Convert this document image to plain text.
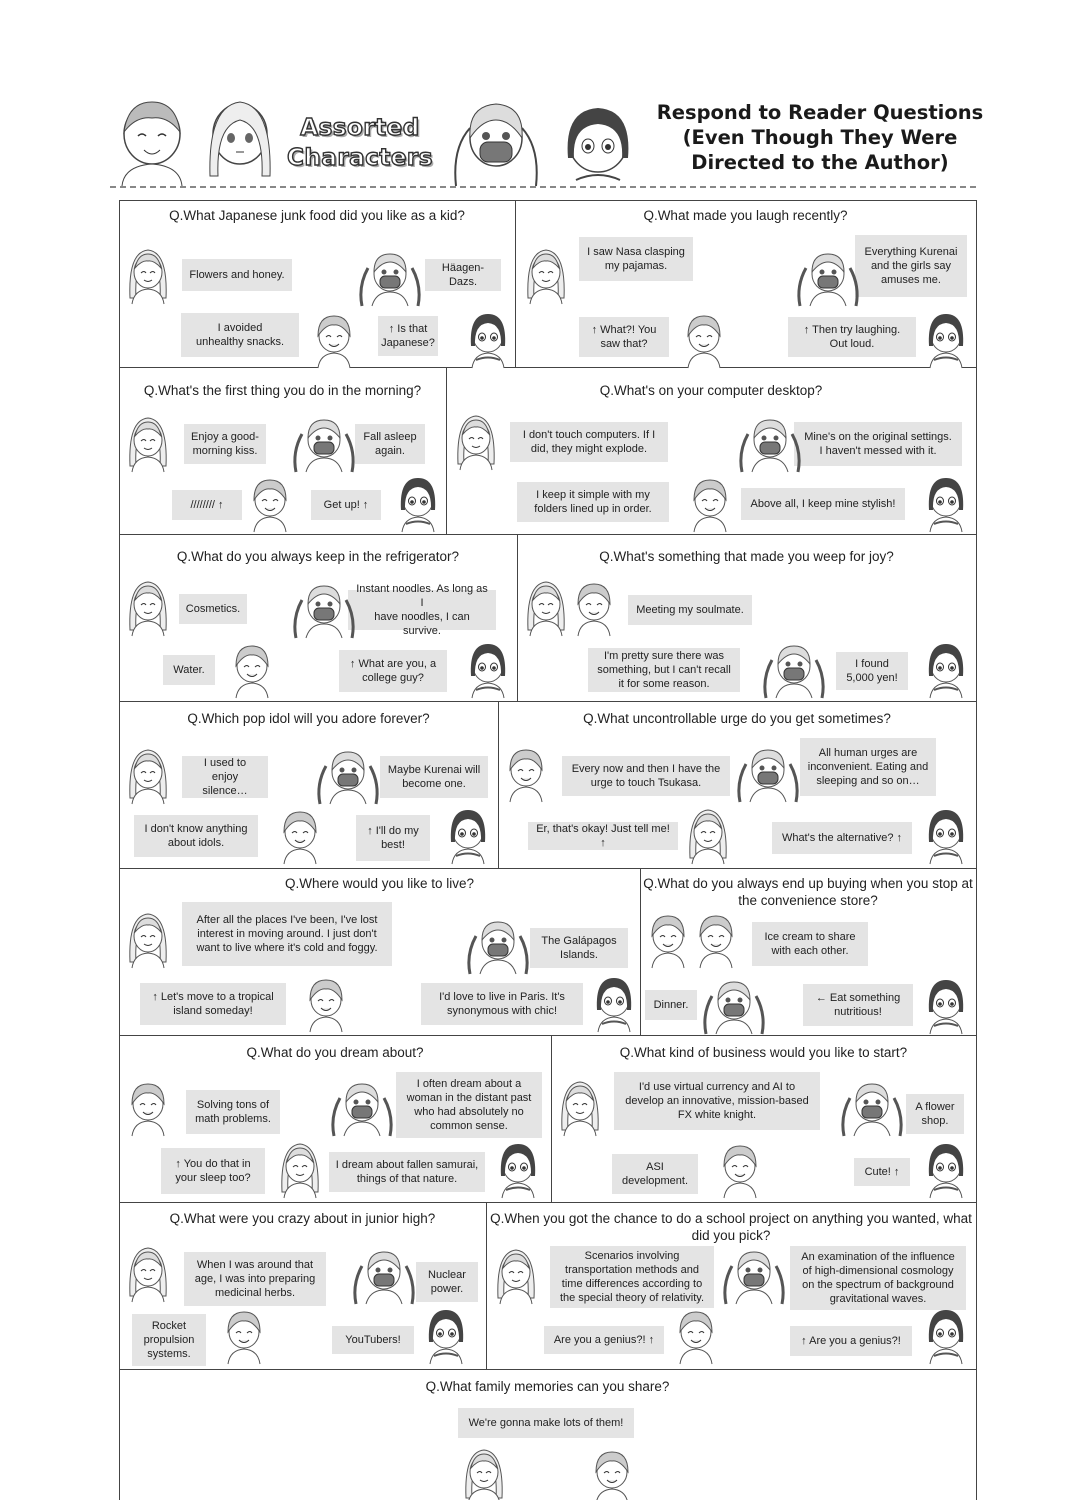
Assorted
Characters
Respond to Reader Questions
(Even Though They Were
Directed to the Author)
Q.What Japanese junk food did you like as a kid?
Flowers and honey.
Häagen-Dazs.
I avoided
unhealthy snacks.
↑ Is that
Japanese?
Q.What made you laugh recently?
I saw Nasa clasping
my pajamas.
Everything Kurenai
and the girls say
amuses me.
↑ What?! You
saw that?
↑ Then try laughing.
Out loud.
Q.What's the first thing you do in the morning?
Enjoy a good-
morning kiss.
Fall asleep
again.
//////// ↑	Get up! ↑
Q.What's on your computer desktop?
I don't touch computers. If I
did, they might explode.
Mine's on the original settings.
I haven't messed with it.
I keep it simple with my
folders lined up in order.	Above all, I keep mine stylish!
Q.What do you always keep in the refrigerator?
Cosmetics.
Instant noodles. As long as I
have noodles, I can survive.
Water.	↑ What are you, a
college guy?
Q.What's something that made you weep for joy?
Meeting my soulmate.
I'm pretty sure there was
something, but I can't recall
it for some reason.
I found
5,000 yen!
Q.Which pop idol will you adore forever?
I used to
enjoy silence…
Maybe Kurenai will
become one.
I don't know anything
about idols.
↑ I'll do my
best!
Q.What uncontrollable urge do you get sometimes?
Every now and then I have the
urge to touch Tsukasa.
All human urges are
inconvenient. Eating and
sleeping and so on…
Er, that's okay! Just tell me! ↑	What's the alternative? ↑
Q.Where would you like to live?
After all the places I've been, I've lost
interest in moving around. I just don't
want to live where it's cold and foggy.
The Galápagos
Islands.
↑ Let's move to a tropical
island someday!
I'd love to live in Paris. It's
synonymous with chic!
Q.What do you always end up buying when you stop at the convenience store?
Ice cream to share
with each other.
Dinner.
← Eat something
nutritious!
Q.What do you dream about?
Solving tons of
math problems.
I often dream about a
woman in the distant past
who had absolutely no
common sense.
↑ You do that in
your sleep too?
I dream about fallen samurai,
things of that nature.
Q.What kind of business would you like to start?
I'd use virtual currency and AI to
develop an innovative, mission-based
FX white knight.
A flower
shop.
ASI
development.
Cute! ↑
Q.What were you crazy about in junior high?
When I was around that
age, I was into preparing
medicinal herbs.
Nuclear
power.
Rocket
propulsion
systems.
YouTubers!
Q.When you got the chance to do a school project on anything you wanted, what did you pick?
Scenarios involving
transportation methods and
time differences according to
the special theory of relativity.
An examination of the influence
of high-dimensional cosmology
on the spectrum of background
gravitational waves.
Are you a genius?! ↑	↑ Are you a genius?!
Q.What family memories can you share?
We're gonna make lots of them!
